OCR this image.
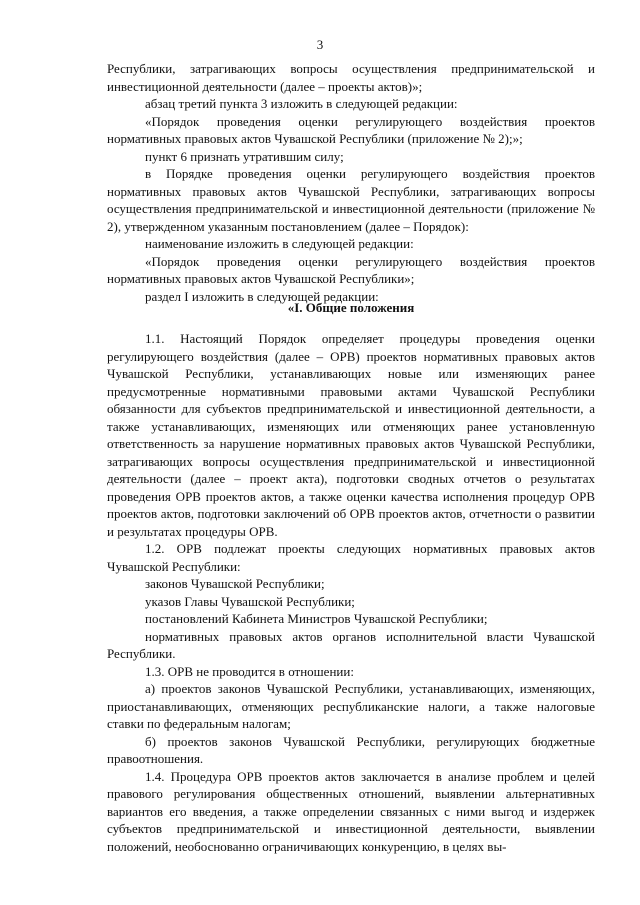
3

Республики, затрагивающих вопросы осуществления предпринимательской и инвестиционной деятельности (далее – проекты актов)»;

абзац третий пункта 3 изложить в следующей редакции:

«Порядок проведения оценки регулирующего воздействия проектов нормативных правовых актов Чувашской Республики (приложение № 2);»;

пункт 6 признать утратившим силу;

в Порядке проведения оценки регулирующего воздействия проектов нормативных правовых актов Чувашской Республики, затрагивающих вопросы осуществления предпринимательской и инвестиционной деятельности (приложение № 2), утвержденном указанным постановлением (далее – Порядок):

наименование изложить в следующей редакции:

«Порядок проведения оценки регулирующего воздействия проектов нормативных правовых актов Чувашской Республики»;

раздел I изложить в следующей редакции:

«I. Общие положения

1.1. Настоящий Порядок определяет процедуры проведения оценки регулирующего воздействия (далее – ОРВ) проектов нормативных правовых актов Чувашской Республики, устанавливающих новые или изменяющих ранее предусмотренные нормативными правовыми актами Чувашской Республики обязанности для субъектов предпринимательской и инвестиционной деятельности, а также устанавливающих, изменяющих или отменяющих ранее установленную ответственность за нарушение нормативных правовых актов Чувашской Республики, затрагивающих вопросы осуществления предпринимательской и инвестиционной деятельности (далее – проект акта), подготовки сводных отчетов о результатах проведения ОРВ проектов актов, а также оценки качества исполнения процедур ОРВ проектов актов, подготовки заключений об ОРВ проектов актов, отчетности о развитии и результатах процедуры ОРВ.

1.2. ОРВ подлежат проекты следующих нормативных правовых актов Чувашской Республики:

законов Чувашской Республики;

указов Главы Чувашской Республики;

постановлений Кабинета Министров Чувашской Республики;

нормативных правовых актов органов исполнительной власти Чувашской Республики.

1.3. ОРВ не проводится в отношении:

а) проектов законов Чувашской Республики, устанавливающих, изменяющих, приостанавливающих, отменяющих республиканские налоги, а также налоговые ставки по федеральным налогам;

б) проектов законов Чувашской Республики, регулирующих бюджетные правоотношения.

1.4. Процедура ОРВ проектов актов заключается в анализе проблем и целей правового регулирования общественных отношений, выявлении альтернативных вариантов его введения, а также определении связанных с ними выгод и издержек субъектов предпринимательской и инвестиционной деятельности, выявлении положений, необоснованно ограничивающих конкуренцию, в целях вы-
